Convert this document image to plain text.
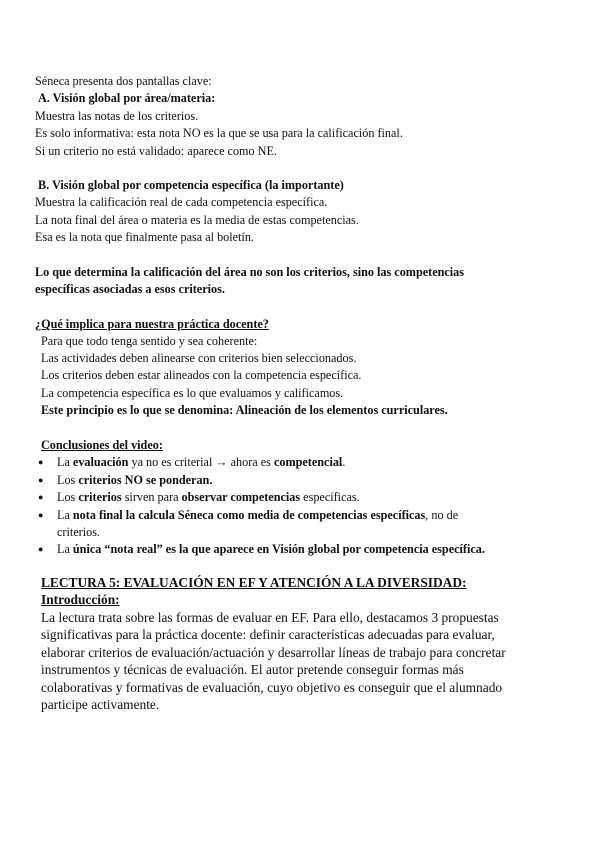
Séneca presenta dos pantallas clave:
A. Visión global por área/materia:
Muestra las notas de los criterios.
Es solo informativa: esta nota NO es la que se usa para la calificación final.
Si un criterio no está validado: aparece como NE.
B. Visión global por competencia específica (la importante)
Muestra la calificación real de cada competencia específica.
La nota final del área o materia es la media de estas competencias.
Esa es la nota que finalmente pasa al boletín.
Lo que determina la calificación del área no son los criterios, sino las competencias
específicas asociadas a esos criterios.
¿Qué implica para nuestra práctica docente?
Para que todo tenga sentido y sea coherente:
Las actividades deben alinearse con criterios bien seleccionados.
Los criterios deben estar alineados con la competencia específica.
La competencia específica es lo que evaluamos y calificamos.
Este principio es lo que se denomina: Alineación de los elementos curriculares.
Conclusiones del video:
● La evaluación ya no es criterial → ahora es competencial.
● Los criterios NO se ponderan.
● Los criterios sirven para observar competencias específicas.
● La nota final la calcula Séneca como media de competencias específicas, no de
criterios.
● La única “nota real” es la que aparece en Visión global por competencia específica.
LECTURA 5: EVALUACIÓN EN EF Y ATENCIÓN A LA DIVERSIDAD:
Introducción:
La lectura trata sobre las formas de evaluar en EF. Para ello, destacamos 3 propuestas
significativas para la práctica docente: definir características adecuadas para evaluar,
elaborar criterios de evaluación/actuación y desarrollar líneas de trabajo para concretar
instrumentos y técnicas de evaluación. El autor pretende conseguir formas más
colaborativas y formativas de evaluación, cuyo objetivo es conseguir que el alumnado
participe activamente.
